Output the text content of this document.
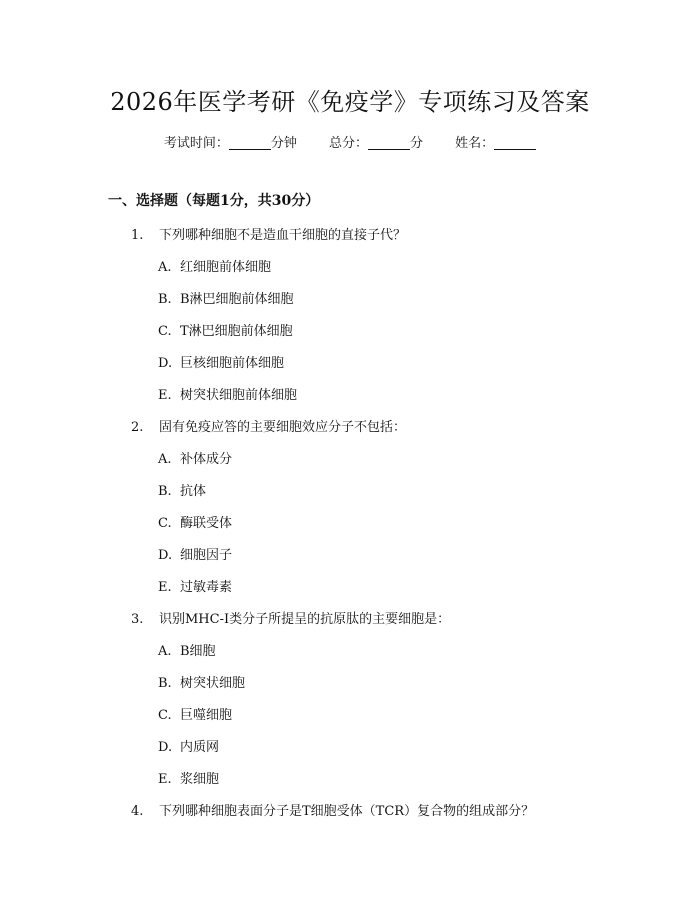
2026年医学考研《免疫学》专项练习及答案
考试时间：	分钟 总分：	分 姓名：
一、选择题（每题1分，共30分）
1. 下列哪种细胞不是造血干细胞的直接子代？
A. 红细胞前体细胞
B. B淋巴细胞前体细胞
C. T淋巴细胞前体细胞
D. 巨核细胞前体细胞
E. 树突状细胞前体细胞
2. 固有免疫应答的主要细胞效应分子不包括：
A. 补体成分
B. 抗体
C. 酶联受体
D. 细胞因子
E. 过敏毒素
3. 识别MHC-I类分子所提呈的抗原肽的主要细胞是：
A. B细胞
B. 树突状细胞
C. 巨噬细胞
D. 内质网
E. 浆细胞
4. 下列哪种细胞表面分子是T细胞受体（TCR）复合物的组成部分？
